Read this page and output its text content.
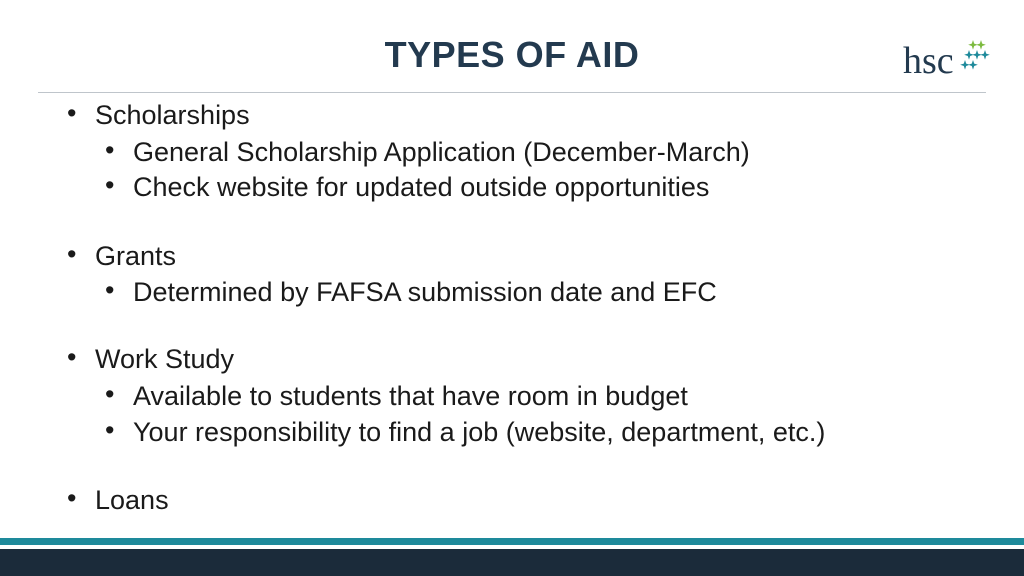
TYPES OF AID	hsc
• Scholarships
• General Scholarship Application (December-March)
• Check website for updated outside opportunities
• Grants
• Determined by FAFSA submission date and EFC
• Work Study
• Available to students that have room in budget
• Your responsibility to find a job (website, department, etc.)
• Loans
